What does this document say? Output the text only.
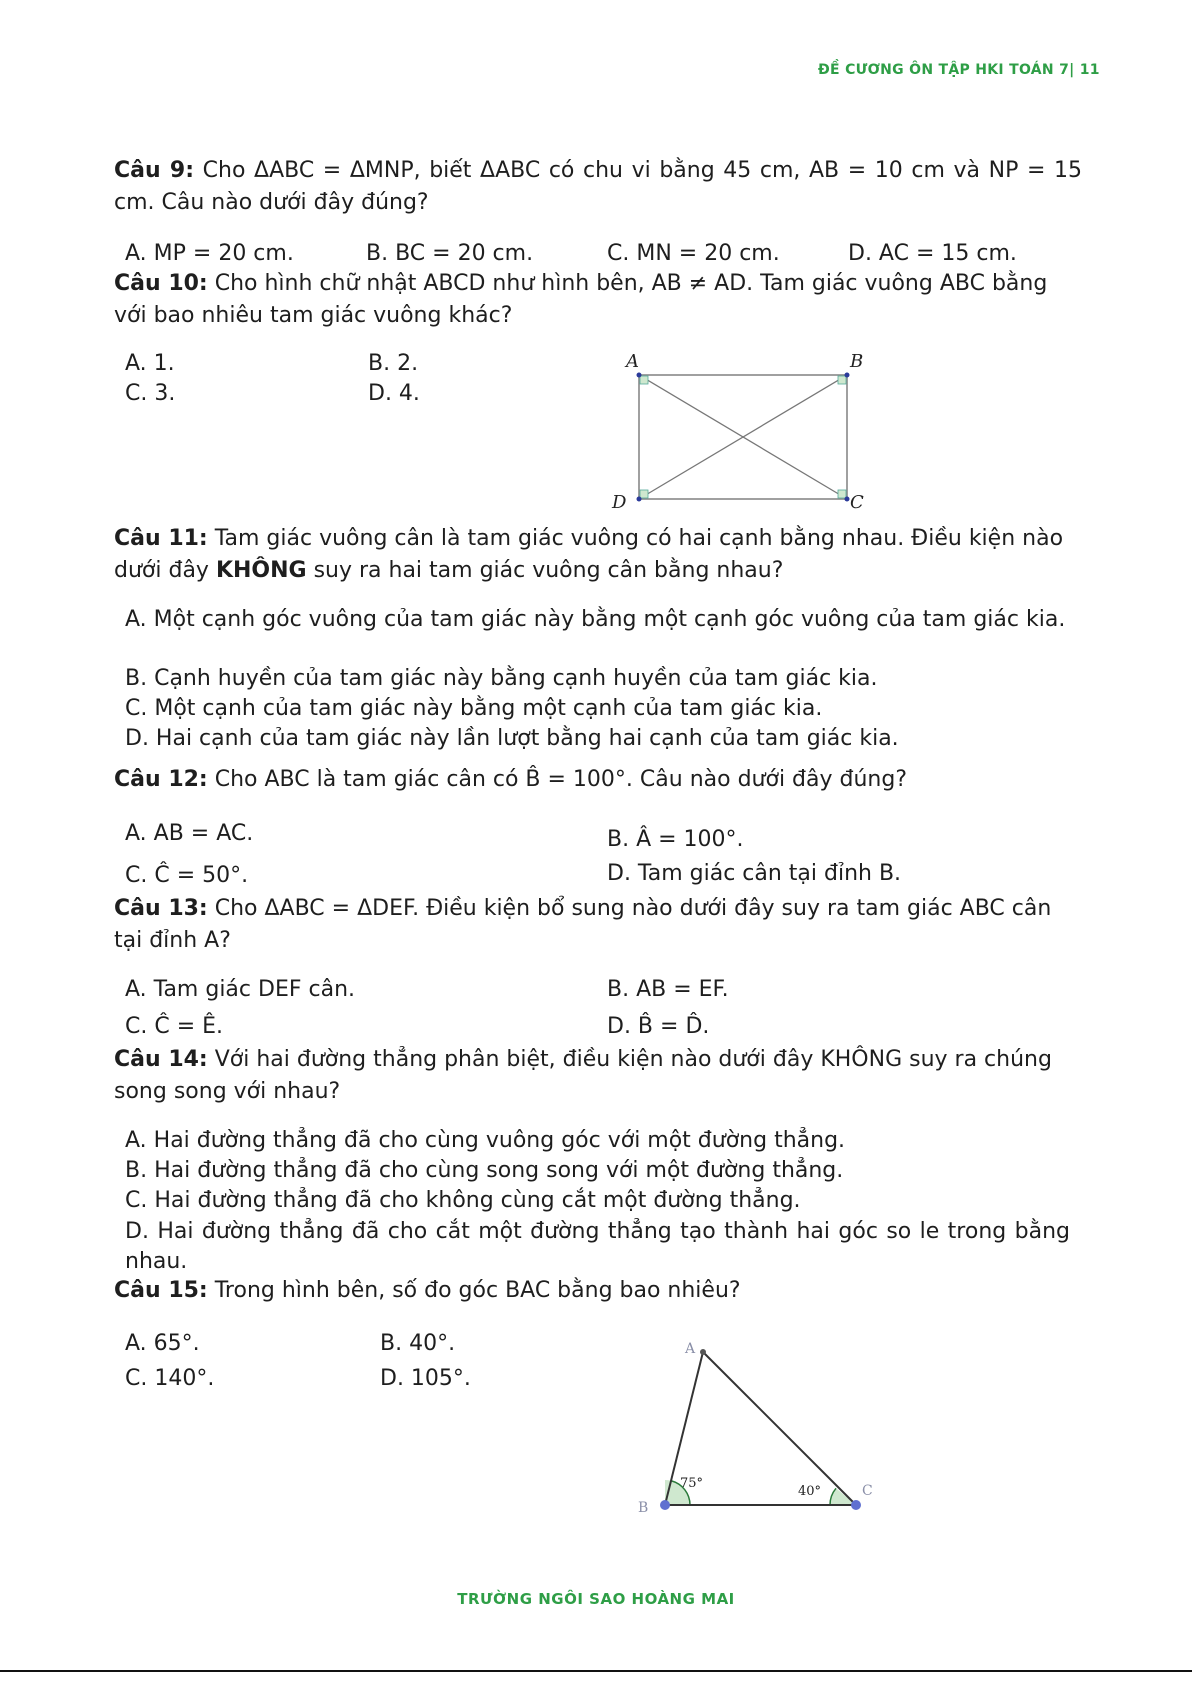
ĐỀ CƯƠNG ÔN TẬP HKI TOÁN 7| 11
Câu 9: Cho ΔABC = ΔMNP, biết ΔABC có chu vi bằng 45 cm, AB = 10 cm và NP = 15 cm. Câu nào dưới đây đúng?
A. MP = 20 cm.	B. BC = 20 cm.	C. MN = 20 cm.	D. AC = 15 cm.
Câu 10: Cho hình chữ nhật ABCD như hình bên, AB ≠ AD. Tam giác vuông ABC bằng với bao nhiêu tam giác vuông khác?
A. 1.	B. 2.
C. 3.	D. 4.
A	B
C
D
Câu 11: Tam giác vuông cân là tam giác vuông có hai cạnh bằng nhau. Điều kiện nào dưới đây KHÔNG suy ra hai tam giác vuông cân bằng nhau?
A. Một cạnh góc vuông của tam giác này bằng một cạnh góc vuông của tam giác kia.
B. Cạnh huyền của tam giác này bằng cạnh huyền của tam giác kia.
C. Một cạnh của tam giác này bằng một cạnh của tam giác kia.
D. Hai cạnh của tam giác này lần lượt bằng hai cạnh của tam giác kia.
Câu 12: Cho ABC là tam giác cân có B̂ = 100°. Câu nào dưới đây đúng?
A. AB = AC.	B. Â = 100°.
C. Ĉ = 50°.	D. Tam giác cân tại đỉnh B.
Câu 13: Cho ΔABC = ΔDEF. Điều kiện bổ sung nào dưới đây suy ra tam giác ABC cân tại đỉnh A?
A. Tam giác DEF cân.	B. AB = EF.
C. Ĉ = Ê.	D. B̂ = D̂.
Câu 14: Với hai đường thẳng phân biệt, điều kiện nào dưới đây KHÔNG suy ra chúng song song với nhau?
A. Hai đường thẳng đã cho cùng vuông góc với một đường thẳng.
B. Hai đường thẳng đã cho cùng song song với một đường thẳng.
C. Hai đường thẳng đã cho không cùng cắt một đường thẳng.
D. Hai đường thẳng đã cho cắt một đường thẳng tạo thành hai góc so le trong bằng nhau.
Câu 15: Trong hình bên, số đo góc BAC bằng bao nhiêu?
A. 65°.	B. 40°.
C. 140°.	D. 105°.
A
B
C
75°
40°
TRƯỜNG NGÔI SAO HOÀNG MAI
